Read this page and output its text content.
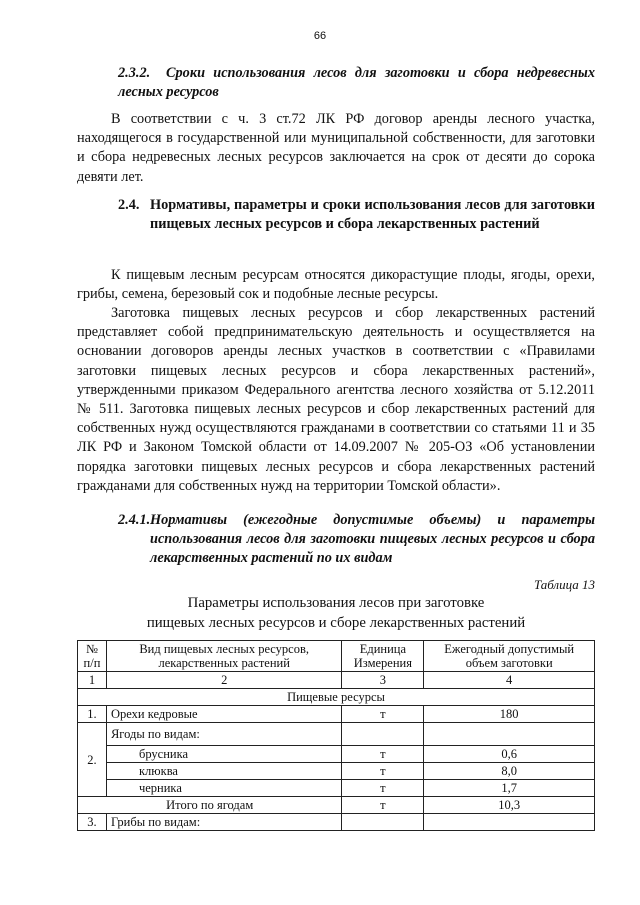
66
2.3.2.	Сроки использования лесов для заготовки и сбора недревесных лесных ресурсов
В соответствии с ч. 3 ст.72 ЛК РФ договор аренды лесного участка, находящегося в государственной или муниципальной собственности, для заготовки и сбора недревесных лесных ресурсов заключается на срок от десяти до сорока девяти лет.
2.4. Нормативы, параметры и сроки использования лесов для заготовки пищевых лесных ресурсов и сбора лекарственных растений
К пищевым лесным ресурсам относятся дикорастущие плоды, ягоды, орехи, грибы, семена, березовый сок и подобные лесные ресурсы.
Заготовка пищевых лесных ресурсов и сбор лекарственных растений представляет собой предпринимательскую деятельность и осуществляется на основании договоров аренды лесных участков в соответствии с «Правилами заготовки пищевых лесных ресурсов и сбора лекарственных растений», утвержденными приказом Федерального агентства лесного хозяйства от 5.12.2011 № 511. Заготовка пищевых лесных ресурсов и сбор лекарственных растений для собственных нужд осуществляются гражданами в соответствии со статьями 11 и 35 ЛК РФ и Законом Томской области от 14.09.2007 № 205-ОЗ «Об установлении порядка заготовки пищевых лесных ресурсов и сбора лекарственных растений гражданами для собственных нужд на территории Томской области».
2.4.1. Нормативы (ежегодные допустимые объемы) и параметры использования лесов для заготовки пищевых лесных ресурсов и сбора лекарственных растений по их видам
Таблица 13
Параметры использования лесов при заготовке
пищевых лесных ресурсов и сборе лекарственных растений
№ п/п	Вид пищевых лесных ресурсов, лекарственных растений	Единица Измерения	Ежегодный допустимый объем заготовки
1	2	3	4
Пищевые ресурсы			
1.	Орехи кедровые	т	180
2.	Ягоды по видам:		
	брусника	т	0,6
	клюква	т	8,0
	черника	т	1,7
Итого по ягодам		т	10,3
3.	Грибы по видам:		
